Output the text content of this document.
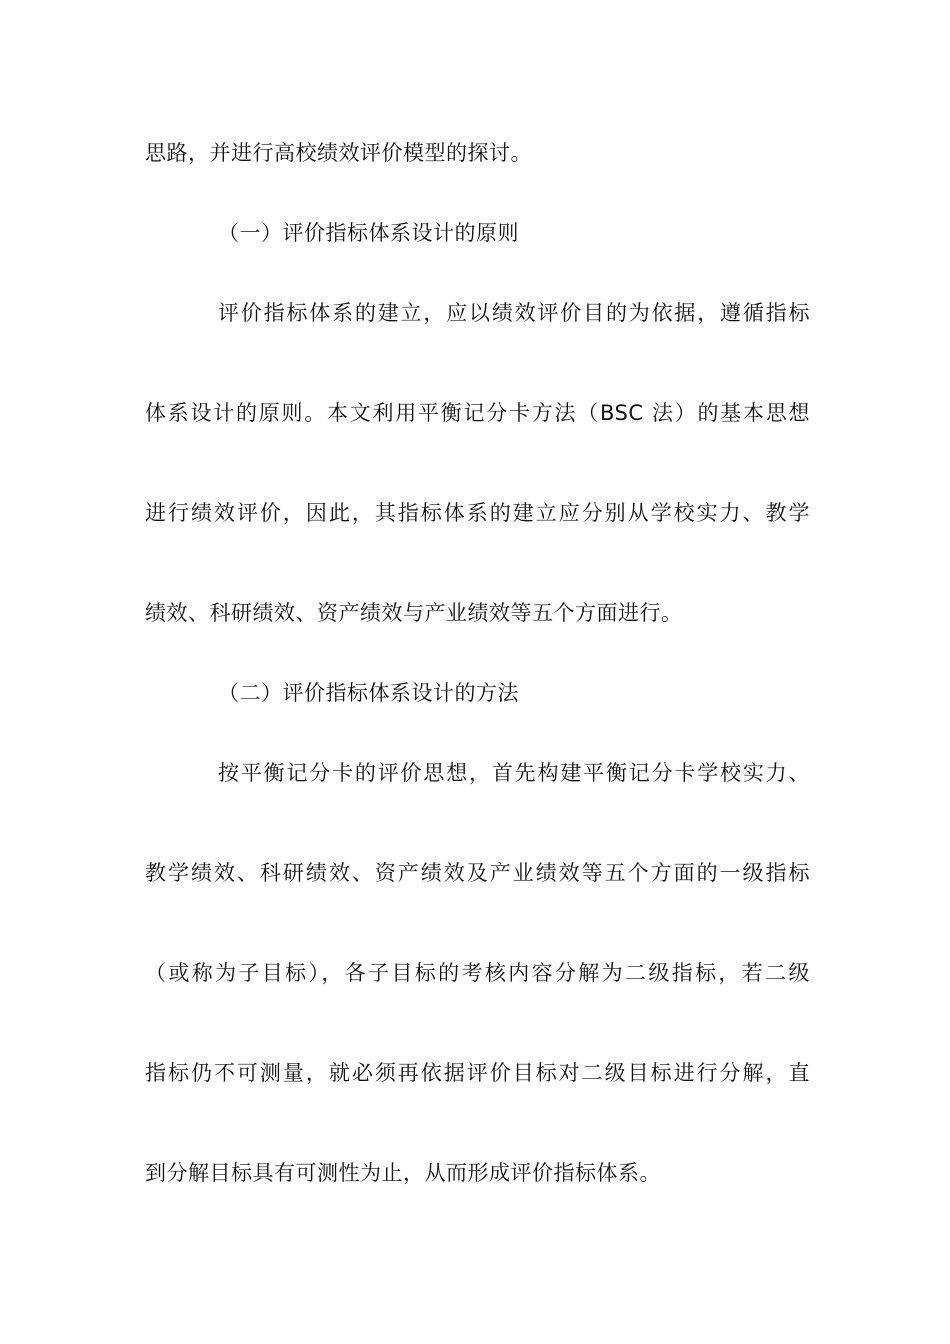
思路，并进行高校绩效评价模型的探讨。
（一）评价指标体系设计的原则
评价指标体系的建立，应以绩效评价目的为依据，遵循指标
体系设计的原则。本文利用平衡记分卡方法（BSC 法）的基本思想
进行绩效评价，因此，其指标体系的建立应分别从学校实力、教学
绩效、科研绩效、资产绩效与产业绩效等五个方面进行。
（二）评价指标体系设计的方法
按平衡记分卡的评价思想，首先构建平衡记分卡学校实力、
教学绩效、科研绩效、资产绩效及产业绩效等五个方面的一级指标
（或称为子目标），各子目标的考核内容分解为二级指标，若二级
指标仍不可测量，就必须再依据评价目标对二级目标进行分解，直
到分解目标具有可测性为止，从而形成评价指标体系。
